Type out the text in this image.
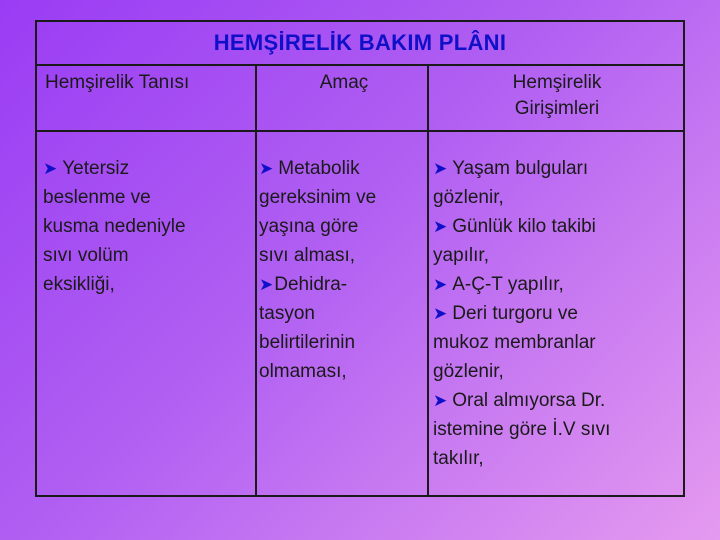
HEMŞİRELİK BAKIM PLÂNI
Hemşirelik Tanısı	Amaç	Hemşirelik
Girişimleri
➤ Yetersiz
beslenme ve
kusma nedeniyle
sıvı volüm
eksikliği,
➤ Metabolik
gereksinim ve
yaşına göre
sıvı alması,
➤Dehidra-
tasyon
belirtilerinin
olmaması,
➤ Yaşam bulguları
gözlenir,
➤ Günlük kilo takibi
yapılır,
➤ A-Ç-T yapılır,
➤ Deri turgoru ve
mukoz membranlar
gözlenir,
➤ Oral almıyorsa Dr.
istemine göre İ.V sıvı
takılır,
